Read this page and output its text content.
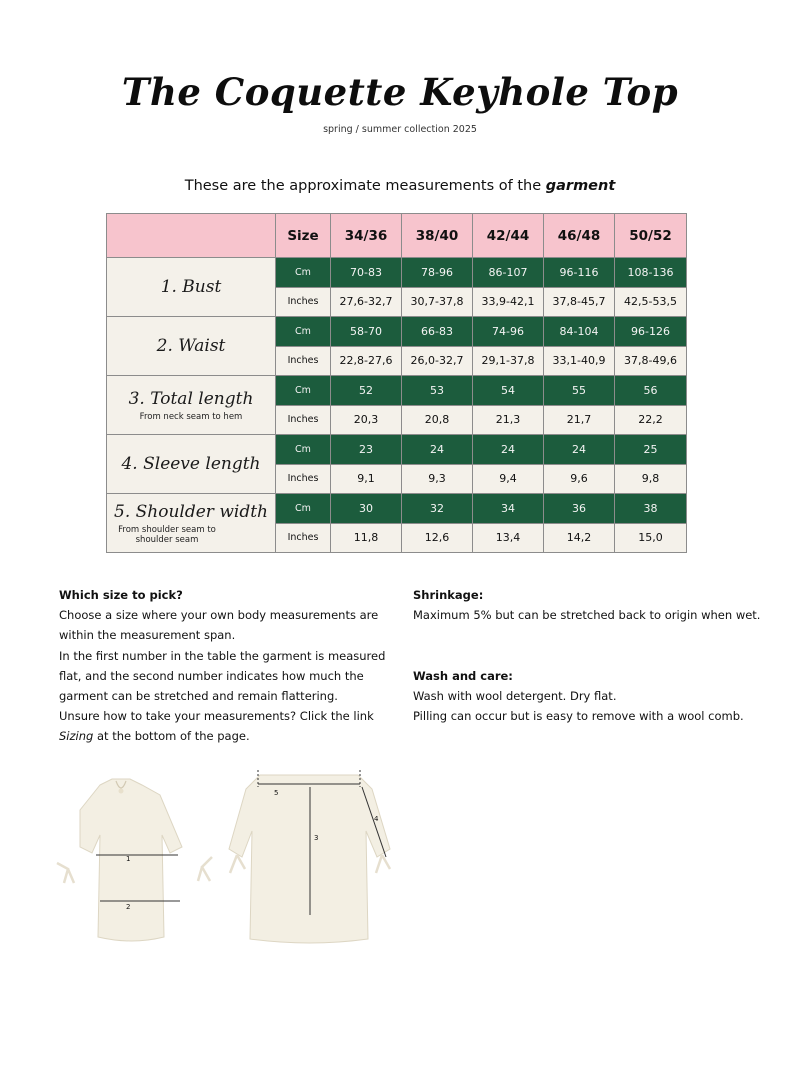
The Coquette Keyhole Top
spring / summer collection 2025
These are the approximate measurements of the garment
	Size	34/36	38/40	42/44	46/48	50/52

1. Bust	Cm	70-83	78-96	86-107	96-116	108-136
	Inches	27,6-32,7	30,7-37,8	33,9-42,1	37,8-45,7	42,5-53,5

2. Waist	Cm	58-70	66-83	74-96	84-104	96-126
	Inches	22,8-27,6	26,0-32,7	29,1-37,8	33,1-40,9	37,8-49,6

3. Total length
From neck seam to hem	Cm	52	53	54	55	56
	Inches	20,3	20,8	21,3	21,7	22,2

4. Sleeve length	Cm	23	24	24	24	25
	Inches	9,1	9,3	9,4	9,6	9,8

5. Shoulder width
From shoulder seam to shoulder seam	Cm	30	32	34	36	38
	Inches	11,8	12,6	13,4	14,2	15,0

Which size to pick?

Choose a size where your own body measurements are

within the measurement span.

In the first number in the table the garment is measured

flat, and the second number indicates how much the

garment can be stretched and remain flattering.

Unsure how to take your measurements? Click the link

Sizing at the bottom of the page.

Shrinkage:

Maximum 5% but can be stretched back to origin when wet.

Wash and care:

Wash with wool detergent. Dry flat.

Pilling can occur but is easy to remove with a wool comb.

1
2
5
3
4
